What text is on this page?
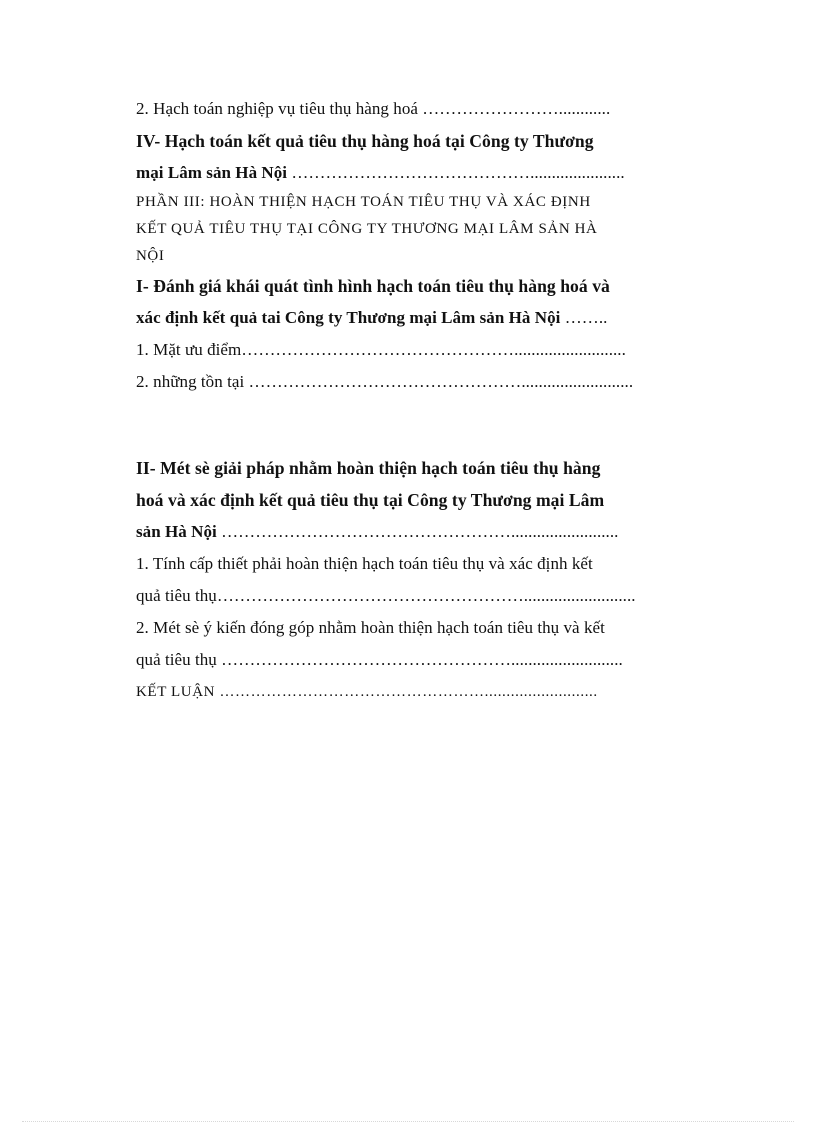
2. Hạch toán nghiệp vụ tiêu thụ hàng hoá ……………………............
IV- Hạch toán kết quả tiêu thụ hàng hoá tại Công ty Thương
mại Lâm sản Hà Nội ……………………………………......................
PHẦN III: HOÀN THIỆN HẠCH TOÁN TIÊU THỤ VÀ XÁC ĐỊNH
KẾT QUẢ TIÊU THỤ TẠI CÔNG TY THƯƠNG MẠI LÂM SẢN HÀ
NỘI
I- Đánh giá khái quát tình hình hạch toán tiêu thụ hàng hoá và
xác định kết quả tai Công ty Thương mại Lâm sản Hà Nội ……..
1. Mặt ưu điểm…………………………………………..........................
2. những tồn tại …………………………………………..........................
II- Mét sè giải pháp nhằm hoàn thiện hạch toán tiêu thụ hàng
hoá và xác định kết quả tiêu thụ tại Công ty Thương mại Lâm
sản Hà Nội …………………………………………….........................
1. Tính cấp thiết phải hoàn thiện hạch toán tiêu thụ và xác định kết
quả tiêu thụ………………………………………………..........................
2. Mét sè ý kiến đóng góp nhằm hoàn thiện hạch toán tiêu thụ và kết
quả tiêu thụ ……………………………………………..........................
KẾT LUẬN ……………………………………………..........................
